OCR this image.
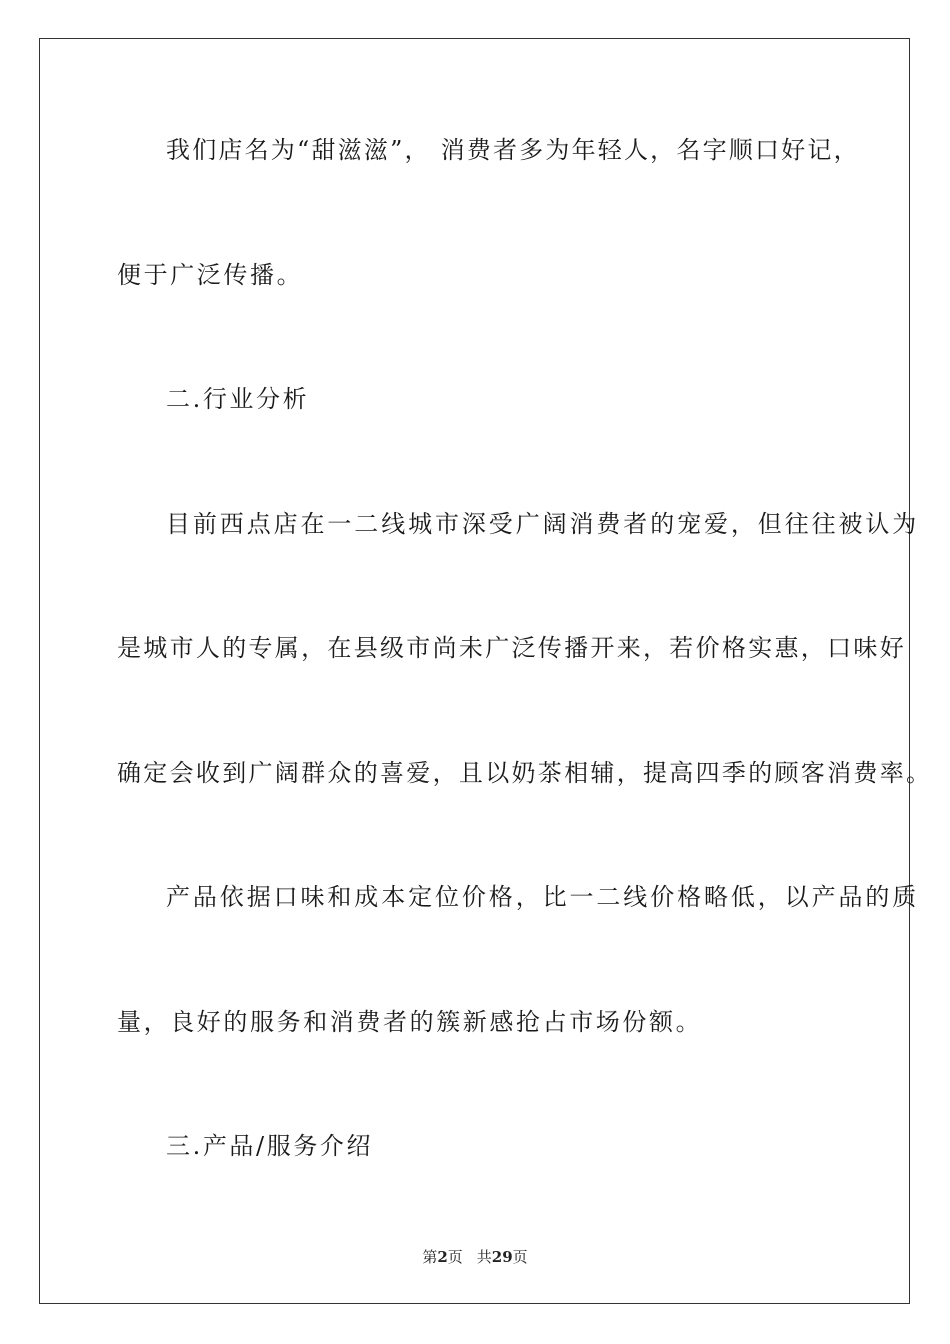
我们店名为“甜滋滋”， 消费者多为年轻人，名字顺口好记，
便于广泛传播。
二.行业分析
目前西点店在一二线城市深受广阔消费者的宠爱，但往往被认为
是城市人的专属，在县级市尚未广泛传播开来，若价格实惠，口味好
确定会收到广阔群众的喜爱，且以奶茶相辅，提高四季的顾客消费率。
产品依据口味和成本定位价格，比一二线价格略低，以产品的质
量，良好的服务和消费者的簇新感抢占市场份额。
三.产品/服务介绍
第2页 共29页
